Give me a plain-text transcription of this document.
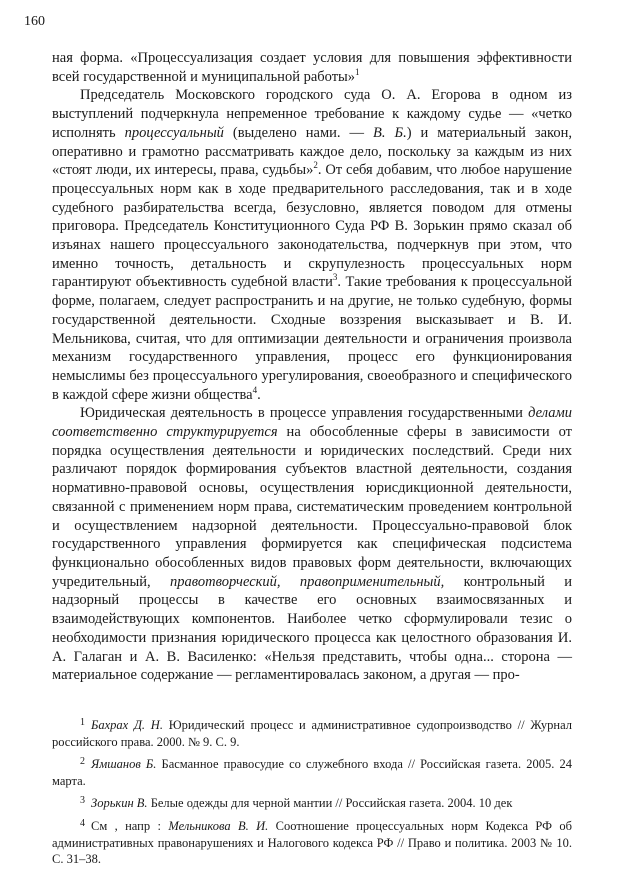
160

ная форма. «Процессуализация создает условия для повышения эффективности всей государственной и муниципальной работы»$^1$

Председатель Московского городского суда О. А. Егорова в одном из выступлений подчеркнула непременное требование к каждому судье — «четко исполнять процессуальный (выделено нами. — В. Б.) и материальный закон, оперативно и грамотно рассматривать каждое дело, поскольку за каждым из них «стоят люди, их интересы, права, судьбы»$^2$. От себя добавим, что любое нарушение процессуальных норм как в ходе предварительного расследования, так и в ходе судебного разбирательства всегда, безусловно, является поводом для отмены приговора. Председатель Конституционного Суда РФ В. Зорькин прямо сказал об изъянах нашего процессуального законодательства, подчеркнув при этом, что именно точность, детальность и скрупулезность процессуальных норм гарантируют объективность судебной власти$^3$. Такие требования к процессуальной форме, полагаем, следует распространить и на другие, не только судебную, формы государственной деятельности. Сходные воззрения высказывает и В. И. Мельникова, считая, что для оптимизации деятельности и ограничения произвола механизм государственного управления, процесс его функционирования немыслимы без процессуального урегулирования, своеобразного и специфического в каждой сфере жизни общества$^4$.

Юридическая деятельность в процессе управления государственными делами соответственно структурируется на обособленные сферы в зависимости от порядка осуществления деятельности и юридических последствий. Среди них различают порядок формирования субъектов властной деятельности, создания нормативно-правовой основы, осуществления юрисдикционной деятельности, связанной с применением норм права, систематическим проведением контрольной и осуществлением надзорной деятельности. Процессуально-правовой блок государственного управления формируется как специфическая подсистема функционально обособленных видов правовых форм деятельности, включающих учредительный, правотворческий, правоприменительный, контрольный и надзорный процессы в качестве его основных взаимосвязанных и взаимодействующих компонентов. Наиболее четко сформулировали тезис о необходимости признания юридического процесса как целостного образования И. А. Галаган и А. В. Василенко: «Нельзя представить, чтобы одна... сторона — материальное содержание — регламентировалась законом, а другая — про-

$^1$ Бахрах Д. Н. Юридический процесс и административное судопроизводство // Журнал российского права. 2000. № 9. С. 9.

$^2$ Ямшанов Б. Басманное правосудие со служебного входа // Российская газета. 2005. 24 марта.

$^3$ Зорькин В. Белые одежды для черной мантии // Российская газета. 2004. 10 дек

$^4$ См , напр : Мельникова В. И. Соотношение процессуальных норм Кодекса РФ об административных правонарушениях и Налогового кодекса РФ // Право и политика. 2003 № 10. С. 31–38.
